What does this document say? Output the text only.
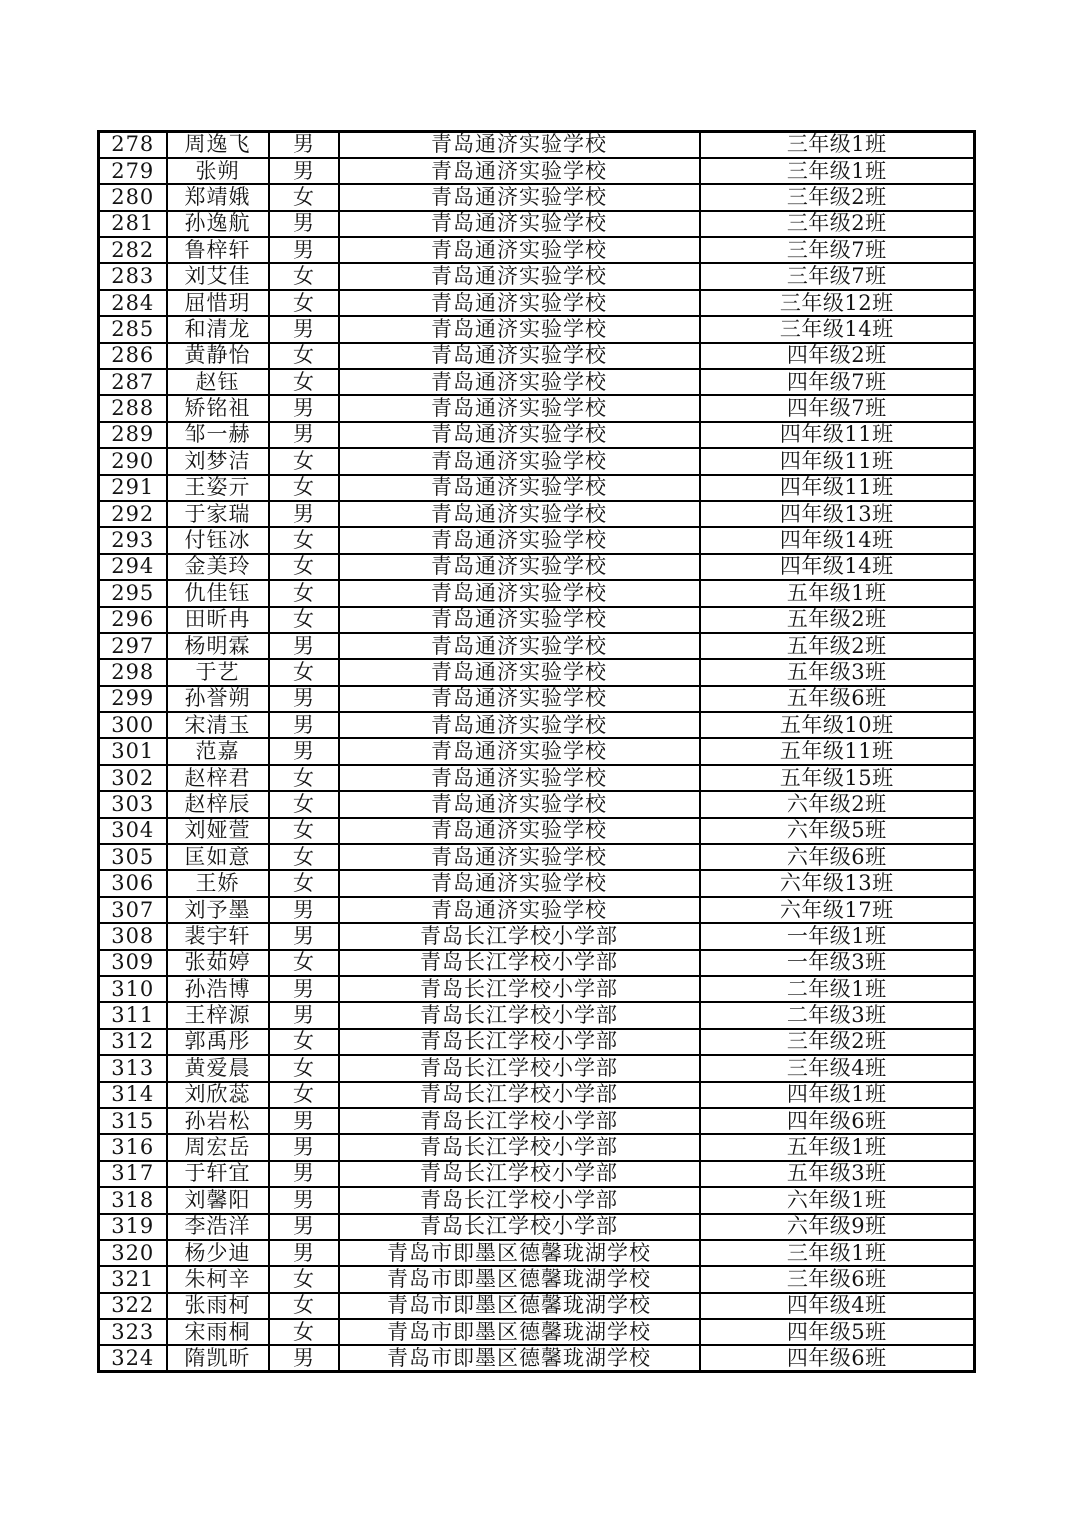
278	周逸飞	男	青岛通济实验学校	三年级1班
279	张朔	男	青岛通济实验学校	三年级1班
280	郑靖娥	女	青岛通济实验学校	三年级2班
281	孙逸航	男	青岛通济实验学校	三年级2班
282	鲁梓轩	男	青岛通济实验学校	三年级7班
283	刘艾佳	女	青岛通济实验学校	三年级7班
284	屈惜玥	女	青岛通济实验学校	三年级12班
285	和清龙	男	青岛通济实验学校	三年级14班
286	黄静怡	女	青岛通济实验学校	四年级2班
287	赵钰	女	青岛通济实验学校	四年级7班
288	矫铭祖	男	青岛通济实验学校	四年级7班
289	邹一赫	男	青岛通济实验学校	四年级11班
290	刘梦洁	女	青岛通济实验学校	四年级11班
291	王姿亓	女	青岛通济实验学校	四年级11班
292	于家瑞	男	青岛通济实验学校	四年级13班
293	付钰冰	女	青岛通济实验学校	四年级14班
294	金美玲	女	青岛通济实验学校	四年级14班
295	仇佳钰	女	青岛通济实验学校	五年级1班
296	田昕冉	女	青岛通济实验学校	五年级2班
297	杨明霖	男	青岛通济实验学校	五年级2班
298	于艺	女	青岛通济实验学校	五年级3班
299	孙誉朔	男	青岛通济实验学校	五年级6班
300	宋清玉	男	青岛通济实验学校	五年级10班
301	范嘉	男	青岛通济实验学校	五年级11班
302	赵梓君	女	青岛通济实验学校	五年级15班
303	赵梓辰	女	青岛通济实验学校	六年级2班
304	刘娅萱	女	青岛通济实验学校	六年级5班
305	匡如意	女	青岛通济实验学校	六年级6班
306	王娇	女	青岛通济实验学校	六年级13班
307	刘予墨	男	青岛通济实验学校	六年级17班
308	裴宇轩	男	青岛长江学校小学部	一年级1班
309	张茹婷	女	青岛长江学校小学部	一年级3班
310	孙浩博	男	青岛长江学校小学部	二年级1班
311	王梓源	男	青岛长江学校小学部	二年级3班
312	郭禹彤	女	青岛长江学校小学部	三年级2班
313	黄爱晨	女	青岛长江学校小学部	三年级4班
314	刘欣蕊	女	青岛长江学校小学部	四年级1班
315	孙岩松	男	青岛长江学校小学部	四年级6班
316	周宏岳	男	青岛长江学校小学部	五年级1班
317	于轩宜	男	青岛长江学校小学部	五年级3班
318	刘馨阳	男	青岛长江学校小学部	六年级1班
319	李浩洋	男	青岛长江学校小学部	六年级9班
320	杨少迪	男	青岛市即墨区德馨珑湖学校	三年级1班
321	朱柯辛	女	青岛市即墨区德馨珑湖学校	三年级6班
322	张雨柯	女	青岛市即墨区德馨珑湖学校	四年级4班
323	宋雨桐	女	青岛市即墨区德馨珑湖学校	四年级5班
324	隋凯昕	男	青岛市即墨区德馨珑湖学校	四年级6班
